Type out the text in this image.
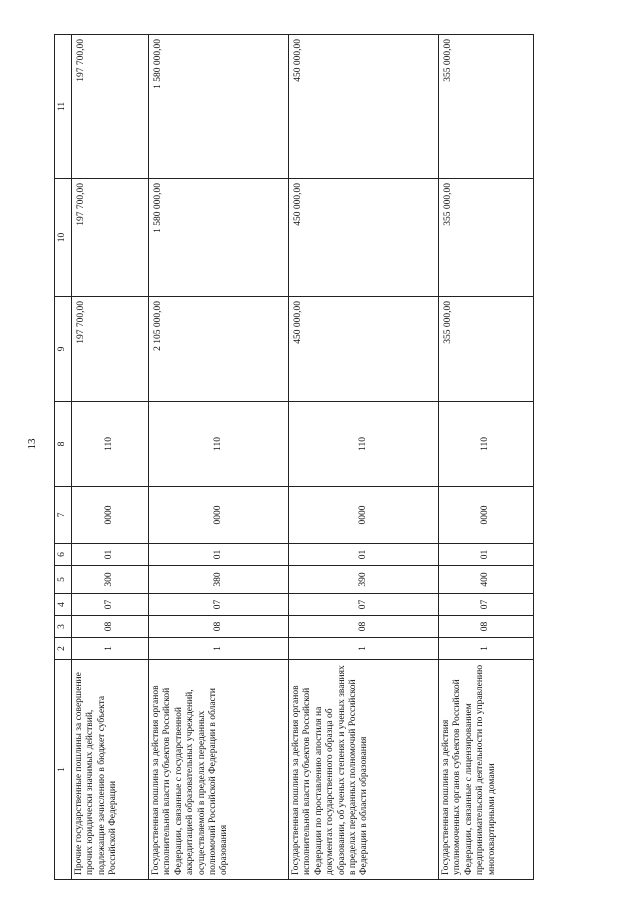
13
1	2	3	4	5	6	7	8	9	10	11
Прочие государственные пошлины за совершение прочих юридически значимых действий, подлежащие зачислению в бюджет субъекта Российской Федерации	1	08	07	300	01	0000	110	197 700,00	197 700,00	197 700,00
Государственная пошлина за действия органов исполнительной власти субъектов Российской Федерации, связанные с государственной аккредитацией образовательных учреждений, осуществляемой в пределах переданных полномочий Российской Федерации в области образования	1	08	07	380	01	0000	110	2 105 000,00	1 580 000,00	1 580 000,00
Государственная пошлина за действия органов исполнительной власти субъектов Российской Федерации по проставлению апостиля на документах государственного образца об образовании, об ученых степенях и ученых званиях в пределах переданных полномочий Российской Федерации в области образования	1	08	07	390	01	0000	110	450 000,00	450 000,00	450 000,00
Государственная пошлина за действия уполномоченных органов субъектов Российской Федерации, связанные с лицензированием предпринимательской деятельности по управлению многоквартирными домами	1	08	07	400	01	0000	110	355 000,00	355 000,00	355 000,00
